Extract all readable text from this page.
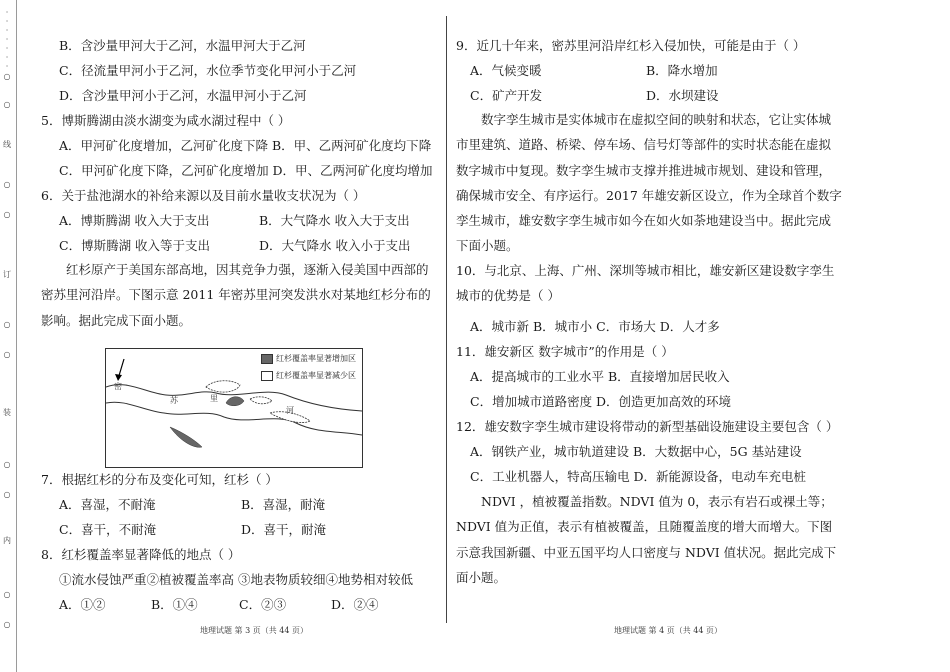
·
·
·
·
·
·
·
○
○
线
○
○
订
○
○
装
○
○
内
○
○
B．含沙量甲河大于乙河，水温甲河大于乙河
C．径流量甲河小于乙河，水位季节变化甲河小于乙河
D．含沙量甲河小于乙河，水温甲河小于乙河
5．博斯腾湖由淡水湖变为咸水湖过程中（ ）
A．甲河矿化度增加，乙河矿化度下降 B．甲、乙两河矿化度均下降
C．甲河矿化度下降，乙河矿化度增加 D．甲、乙两河矿化度均增加
6．关于盐池湖水的补给来源以及目前水量收支状况为（ ）
A．博斯腾湖 收入大于支出	B．大气降水 收入大于支出
C．博斯腾湖 收入等于支出	D．大气降水 收入小于支出
红杉原产于美国东部高地，因其竞争力强，逐渐入侵美国中西部的密苏里河沿岸。下图示意 2011 年密苏里河突发洪水对某地红杉分布的影响。据此完成下面小题。
密
苏	里
河
红杉覆盖率显著增加区
红杉覆盖率显著减少区
7．根据红杉的分布及变化可知，红杉（ ）
A．喜湿，不耐淹	B．喜湿，耐淹
C．喜干，不耐淹	D．喜干，耐淹
8．红杉覆盖率显著降低的地点（ ）
①流水侵蚀严重②植被覆盖率高 ③地表物质较细④地势相对较低
A．①②	B．①④	C．②③	D．②④
9．近几十年来，密苏里河沿岸红杉入侵加快，可能是由于（ ）
A．气候变暖	B．降水增加
C．矿产开发	D．水坝建设
数字孪生城市是实体城市在虚拟空间的映射和状态，它让实体城市里建筑、道路、桥梁、停车场、信号灯等部件的实时状态能在虚拟数字城市中复现。数字孪生城市支撑并推进城市规划、建设和管理，确保城市安全、有序运行。2017 年雄安新区设立，作为全球首个数字孪生城市，雄安数字孪生城市如今在如火如荼地建设当中。据此完成下面小题。
10．与北京、上海、广州、深圳等城市相比，雄安新区建设数字孪生城市的优势是（ ）
A．城市新 B．城市小 C．市场大 D．人才多
11．雄安新区 数字城市”的作用是（ ）
A．提高城市的工业水平 B．直接增加居民收入
C．增加城市道路密度 D．创造更加高效的环境
12．雄安数字孪生城市建设将带动的新型基础设施建设主要包含（ ）
A．钢铁产业，城市轨道建设 B．大数据中心，5G 基站建设
C．工业机器人，特高压输电 D．新能源设备，电动车充电桩
NDVI ，植被覆盖指数。NDVI 值为 0，表示有岩石或裸土等；NDVI 值为正值，表示有植被覆盖，且随覆盖度的增大而增大。下图示意我国新疆、中亚五国平均人口密度与 NDVI 值状况。据此完成下面小题。
地理试题 第 3 页（共 44 页）	地理试题 第 4 页（共 44 页）
